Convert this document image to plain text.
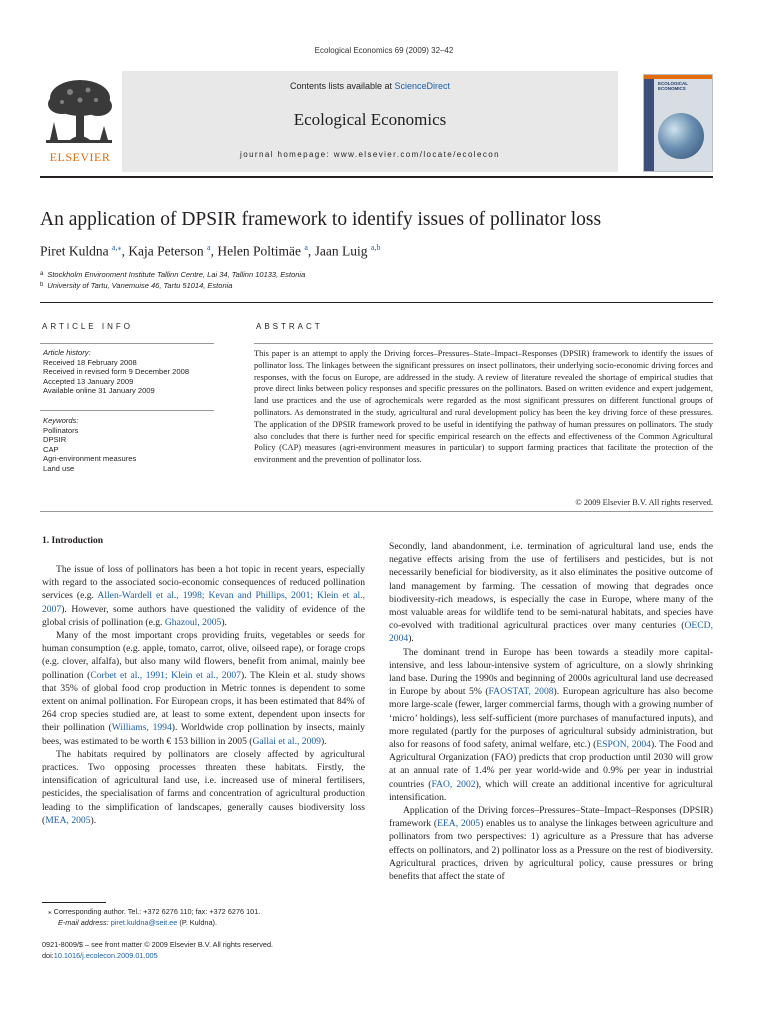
Ecological Economics 69 (2009) 32–42
ELSEVIER
Contents lists available at ScienceDirect
Ecological Economics
journal homepage: www.elsevier.com/locate/ecolecon
ECOLOGICAL ECONOMICS
An application of DPSIR framework to identify issues of pollinator loss
Piret Kuldna $^{a,⁎}$, Kaja Peterson $^a$, Helen Poltimäe $^a$, Jaan Luig $^{a,b}$
$^a$ Stockholm Environment Institute Tallinn Centre, Lai 34, Tallinn 10133, Estonia
$^b$ University of Tartu, Vanemuise 46, Tartu 51014, Estonia
ARTICLE INFO	ABSTRACT
Article history:
Received 18 February 2008
Received in revised form 9 December 2008
Accepted 13 January 2009
Available online 31 January 2009
Keywords:
Pollinators
DPSIR
CAP
Agri-environment measures
Land use

This paper is an attempt to apply the Driving forces–Pressures–State–Impact–Responses (DPSIR) framework to identify the issues of pollinator loss. The linkages between the significant pressures on insect pollinators, their underlying socio-economic driving forces and responses, with the focus on Europe, are addressed in the study. A review of literature revealed the shortage of empirical studies that prove direct links between policy responses and specific pressures on the pollinators. Based on written evidence and expert judgement, land use practices and the use of agrochemicals were regarded as the most significant pressures on different functional groups of pollinators. As demonstrated in the study, agricultural and rural development policy has been the key driving force of these pressures. The application of the DPSIR framework proved to be useful in identifying the pathway of human pressures on pollinators. The study also concludes that there is further need for specific empirical research on the effects and effectiveness of the Common Agricultural Policy (CAP) measures (agri-environment measures in particular) to support farming practices that facilitate the protection of the environment and the prevention of pollinator loss.

© 2009 Elsevier B.V. All rights reserved.
1. Introduction

The issue of loss of pollinators has been a hot topic in recent years, especially with regard to the associated socio-economic consequences of reduced pollination services (e.g. Allen-Wardell et al., 1998; Kevan and Phillips, 2001; Klein et al., 2007). However, some authors have questioned the validity of evidence of the global crisis of pollination (e.g. Ghazoul, 2005).

Many of the most important crops providing fruits, vegetables or seeds for human consumption (e.g. apple, tomato, carrot, olive, oilseed rape), or forage crops (e.g. clover, alfalfa), but also many wild flowers, benefit from animal, mainly bee pollination (Corbet et al., 1991; Klein et al., 2007). The Klein et al. study shows that 35% of global food crop production in Metric tonnes is dependent to some extent on animal pollination. For European crops, it has been estimated that 84% of 264 crop species studied are, at least to some extent, dependent upon insects for their pollination (Williams, 1994). Worldwide crop pollination by insects, mainly bees, was estimated to be worth € 153 billion in 2005 (Gallai et al., 2009).

The habitats required by pollinators are closely affected by agricultural practices. Two opposing processes threaten these habitats. Firstly, the intensification of agricultural land use, i.e. increased use of mineral fertilisers, pesticides, the specialisation of farms and concentration of agricultural production leading to the simplification of landscapes, generally causes biodiversity loss (MEA, 2005).

Secondly, land abandonment, i.e. termination of agricultural land use, ends the negative effects arising from the use of fertilisers and pesticides, but is not necessarily beneficial for biodiversity, as it also eliminates the positive outcome of land management by farming. The cessation of mowing that degrades once biodiversity-rich meadows, is especially the case in Europe, where many of the most valuable areas for wildlife tend to be semi-natural habitats, and species have co-evolved with traditional agricultural practices over many centuries (OECD, 2004).

The dominant trend in Europe has been towards a steadily more capital-intensive, and less labour-intensive system of agriculture, on a slowly shrinking land base. During the 1990s and beginning of 2000s agricultural land use decreased in Europe by about 5% (FAOSTAT, 2008). European agriculture has also become more large-scale (fewer, larger commercial farms, though with a growing number of ‘micro’ holdings), less self-sufficient (more purchases of manufactured inputs), and more regulated (partly for the purposes of agricultural subsidy administration, but also for reasons of food safety, animal welfare, etc.) (ESPON, 2004). The Food and Agricultural Organization (FAO) predicts that crop production until 2030 will grow at an annual rate of 1.4% per year world-wide and 0.9% per year in industrial countries (FAO, 2002), which will create an additional incentive for agricultural intensification.

Application of the Driving forces–Pressures–State–Impact–Responses (DPSIR) framework (EEA, 2005) enables us to analyse the linkages between agriculture and pollinators from two perspectives: 1) agriculture as a Pressure that has adverse effects on pollinators, and 2) pollinator loss as a Pressure on the rest of biodiversity. Agricultural practices, driven by agricultural policy, cause pressures or bring benefits that affect the state of

⁎ Corresponding author. Tel.: +372 6276 110; fax: +372 6276 101.
E-mail address: piret.kuldna@seit.ee (P. Kuldna).
0921-8009/$ – see front matter © 2009 Elsevier B.V. All rights reserved.
doi:10.1016/j.ecolecon.2009.01.005
